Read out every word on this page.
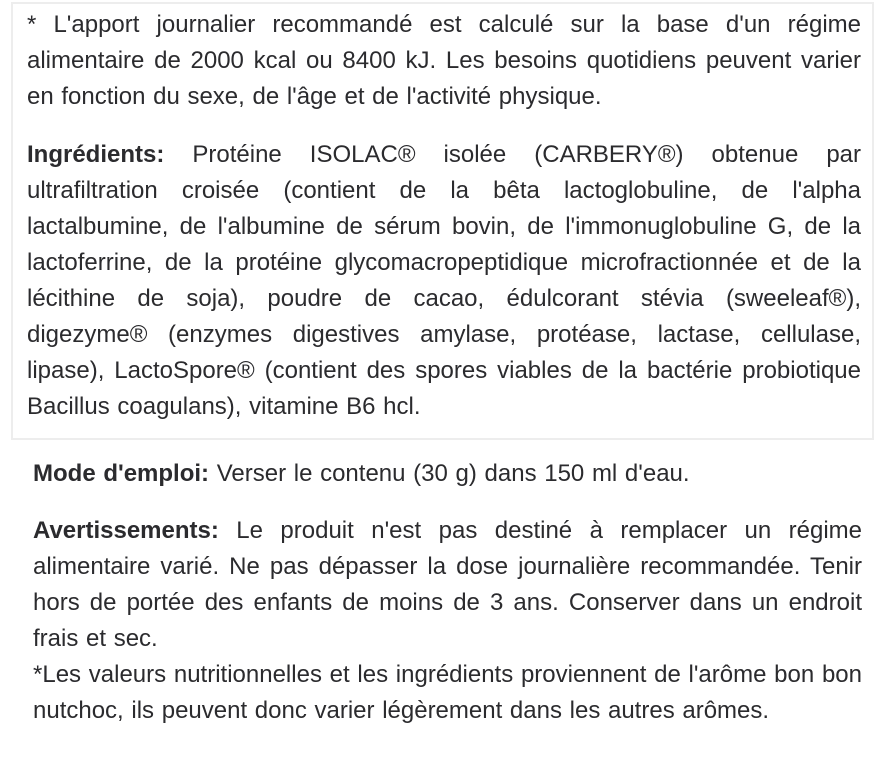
* L'apport journalier recommandé est calculé sur la base d'un régime alimentaire de 2000 kcal ou 8400 kJ. Les besoins quotidiens peuvent varier en fonction du sexe, de l'âge et de l'activité physique.

Ingrédients: Protéine ISOLAC® isolée (CARBERY®) obtenue par ultrafiltration croisée (contient de la bêta lactoglobuline, de l'alpha lactalbumine, de l'albumine de sérum bovin, de l'immonuglobuline G, de la lactoferrine, de la protéine glycomacropeptidique microfractionnée et de la lécithine de soja), poudre de cacao, édulcorant stévia (sweeleaf®), digezyme® (enzymes digestives amylase, protéase, lactase, cellulase, lipase), LactoSpore® (contient des spores viables de la bactérie probiotique Bacillus coagulans), vitamine B6 hcl.

Mode d'emploi: Verser le contenu (30 g) dans 150 ml d'eau.

Avertissements: Le produit n'est pas destiné à remplacer un régime alimentaire varié. Ne pas dépasser la dose journalière recommandée. Tenir hors de portée des enfants de moins de 3 ans. Conserver dans un endroit frais et sec.

*Les valeurs nutritionnelles et les ingrédients proviennent de l'arôme bon bon nutchoc, ils peuvent donc varier légèrement dans les autres arômes.
